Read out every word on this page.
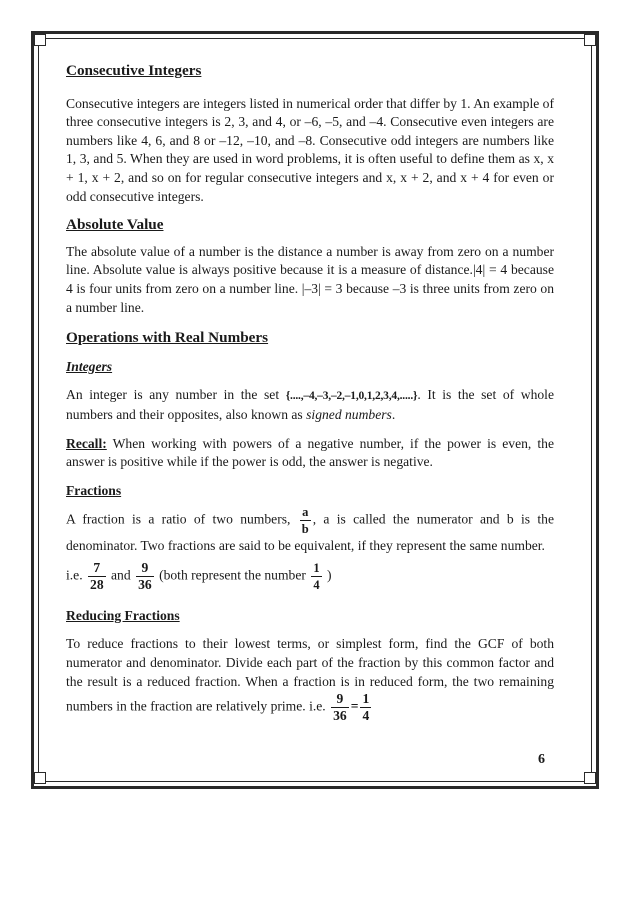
Consecutive Integers

Consecutive integers are integers listed in numerical order that differ by 1. An example of three consecutive integers is 2, 3, and 4, or –6, –5, and –4. Consecutive even integers are numbers like 4, 6, and 8 or –12, –10, and –8. Consecutive odd integers are numbers like 1, 3, and 5. When they are used in word problems, it is often useful to define them as x, x + 1, x + 2, and so on for regular consecutive integers and x, x + 2, and x + 4 for even or odd consecutive integers.

Absolute Value

The absolute value of a number is the distance a number is away from zero on a number line. Absolute value is always positive because it is a measure of distance.|4| = 4 because 4 is four units from zero on a number line. |–3| = 3 because –3 is three units from zero on a number line.

Operations with Real Numbers
Integers

An integer is any number in the set {....,–4,–3,–2,–1,0,1,2,3,4,.....}. It is the set of whole numbers and their opposites, also known as signed numbers.

Recall: When working with powers of a negative number, if the power is even, the answer is positive while if the power is odd, the answer is negative.

Fractions

A fraction is a ratio of two numbers, $\frac{a}{b}$ , a is called the numerator and b is the denominator. Two fractions are said to be equivalent, if they represent the same number.

i.e. $\frac{7}{28}$ and $\frac{9}{36}$ (both represent the number $\frac{1}{4}$ )
Reducing Fractions

To reduce fractions to their lowest terms, or simplest form, find the GCF of both numerator and denominator. Divide each part of the fraction by this common factor and the result is a reduced fraction. When a fraction is in reduced form, the two remaining numbers in the fraction are relatively prime. i.e. $\frac{9}{36} = \frac{1}{4}$

6
